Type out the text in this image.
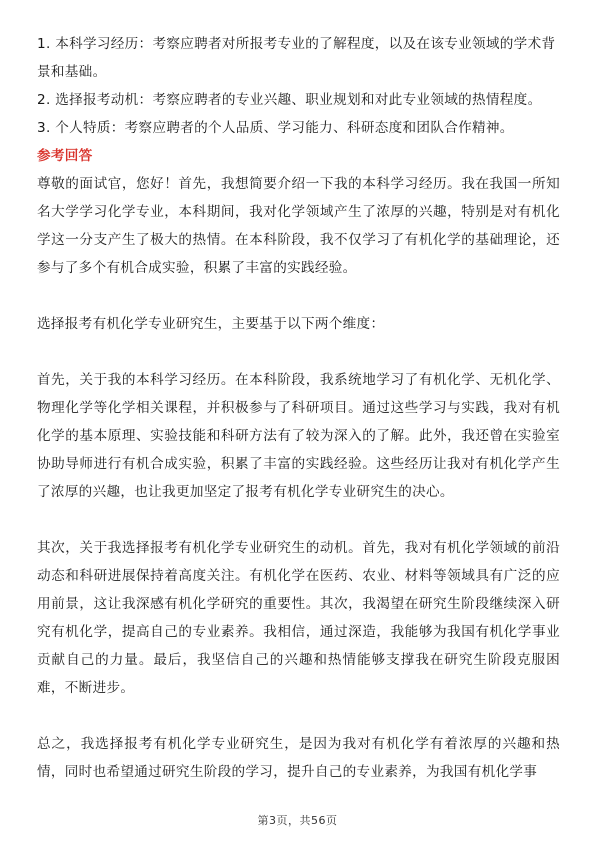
1. 本科学习经历：考察应聘者对所报考专业的了解程度，以及在该专业领域的学术背景和基础。
2. 选择报考动机：考察应聘者的专业兴趣、职业规划和对此专业领域的热情程度。
3. 个人特质：考察应聘者的个人品质、学习能力、科研态度和团队合作精神。

参考回答

尊敬的面试官，您好！首先，我想简要介绍一下我的本科学习经历。我在我国一所知名大学学习化学专业，本科期间，我对化学领域产生了浓厚的兴趣，特别是对有机化学这一分支产生了极大的热情。在本科阶段，我不仅学习了有机化学的基础理论，还参与了多个有机合成实验，积累了丰富的实践经验。

选择报考有机化学专业研究生，主要基于以下两个维度：

首先，关于我的本科学习经历。在本科阶段，我系统地学习了有机化学、无机化学、物理化学等化学相关课程，并积极参与了科研项目。通过这些学习与实践，我对有机化学的基本原理、实验技能和科研方法有了较为深入的了解。此外，我还曾在实验室协助导师进行有机合成实验，积累了丰富的实践经验。这些经历让我对有机化学产生了浓厚的兴趣，也让我更加坚定了报考有机化学专业研究生的决心。

其次，关于我选择报考有机化学专业研究生的动机。首先，我对有机化学领域的前沿动态和科研进展保持着高度关注。有机化学在医药、农业、材料等领域具有广泛的应用前景，这让我深感有机化学研究的重要性。其次，我渴望在研究生阶段继续深入研究有机化学，提高自己的专业素养。我相信，通过深造，我能够为我国有机化学事业贡献自己的力量。最后，我坚信自己的兴趣和热情能够支撑我在研究生阶段克服困难，不断进步。

总之，我选择报考有机化学专业研究生，是因为我对有机化学有着浓厚的兴趣和热情，同时也希望通过研究生阶段的学习，提升自己的专业素养，为我国有机化学事

第3页，共56页
